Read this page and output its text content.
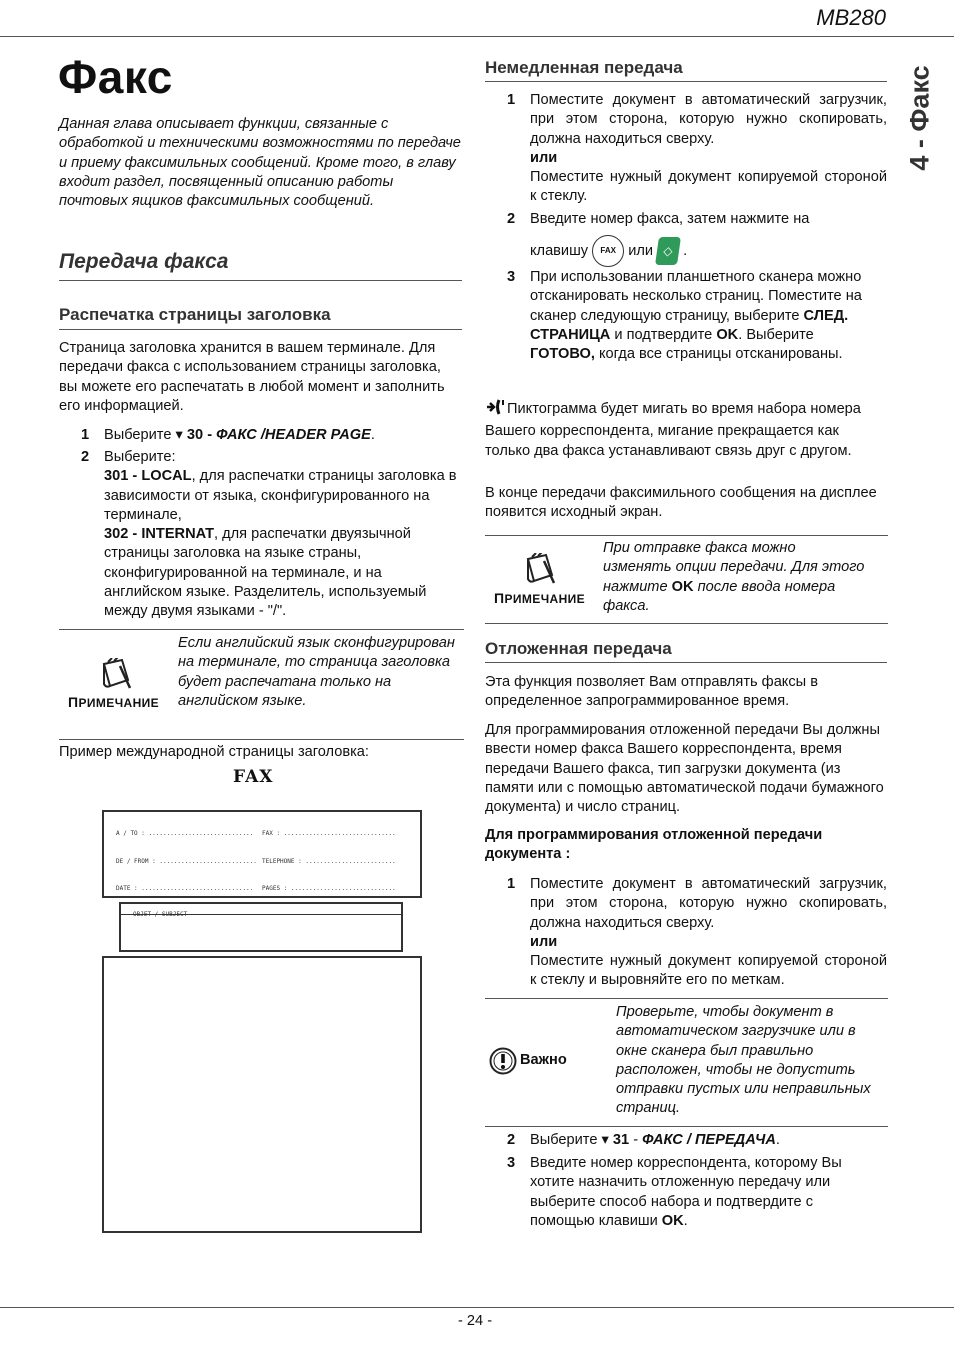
MB280
4 - Факс
Факс
Данная глава описывает функции, связанные с обработкой и техническими возможностями по передаче и приему факсимильных сообщений. Кроме того, в главу входит раздел, посвященный описанию работы почтовых ящиков факсимильных сообщений.
Передача факса
Распечатка страницы заголовка
Страница заголовка хранится в вашем терминале. Для передачи факса с использованием страницы заголовка, вы можете его распечатать в любой момент и заполнить его информацией.
1 Выберите ▾ 30 - ФАКС /HEADER PAGE.
2 Выберите:
301 - LOCAL, для распечатки страницы заголовка в зависимости от языка, сконфигурированного на терминале,
302 - INTERNAT, для распечатки двуязычной страницы заголовка на языке страны, сконфигурированной на терминале, и на английском языке. Разделитель, используемый между двумя языками - "/".
ПРИМЕЧАНИЕ
Если английский язык сконфигурирован на терминале, то страница заголовка будет распечатана только на английском языке.
Пример международной страницы заголовка:
FAX
A / TO : ............................. FAX : ...............................
DE / FROM : ........................... TELEPHONE : .........................
DATE : ............................... PAGES : .............................
OBJET / SUBJECT
Немедленная передача
1 Поместите документ в автоматический загрузчик, при этом сторона, которую нужно скопировать, должна находиться сверху.
или
Поместите нужный документ копируемой стороной к стеклу.
2 Введите номер факса, затем нажмите на
клавишу FAX или ◇ .
3 При использовании планшетного сканера можно отсканировать несколько страниц. Поместите на сканер следующую страницу, выберите СЛЕД. СТРАНИЦА и подтвердите OK. Выберите ГОТОВО, когда все страницы отсканированы.
Пиктограмма будет мигать во время набора номера Вашего корреспондента, мигание прекращается как только два факса устанавливают связь друг с другом.
В конце передачи факсимильного сообщения на дисплее появится исходный экран.
ПРИМЕЧАНИЕ
При отправке факса можно изменять опции передачи. Для этого нажмите OK после ввода номера факса.
Отложенная передача
Эта функция позволяет Вам отправлять факсы в определенное запрограммированное время.
Для программирования отложенной передачи Вы должны ввести номер факса Вашего корреспондента, время передачи Вашего факса, тип загрузки документа (из памяти или с помощью автоматической подачи бумажного документа) и число страниц.
Для программирования отложенной передачи документа :
1 Поместите документ в автоматический загрузчик, при этом сторона, которую нужно скопировать, должна находиться сверху.
или
Поместите нужный документ копируемой стороной к стеклу и выровняйте его по меткам.
Важно
Проверьте, чтобы документ в автоматическом загрузчике или в окне сканера был правильно расположен, чтобы не допустить отправки пустых или неправильных страниц.
2 Выберите ▾ 31 - ФАКС / ПЕРЕДАЧА.
3 Введите номер корреспондента, которому Вы хотите назначить отложенную передачу или выберите способ набора и подтвердите с помощью клавиши OK.
- 24 -
